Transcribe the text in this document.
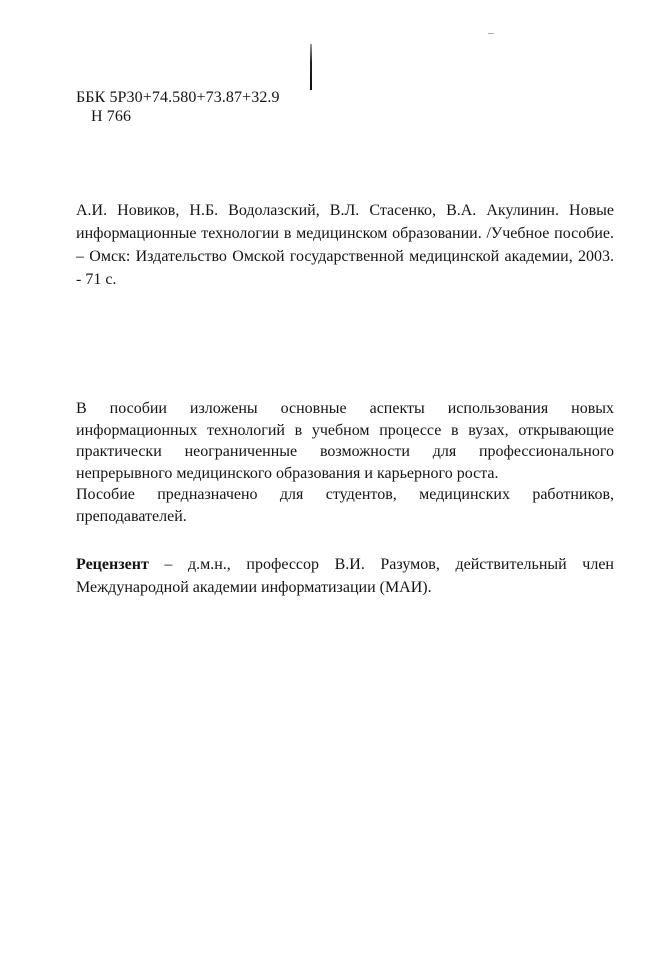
ББК 5Р30+74.580+73.87+32.9
Н 766
А.И. Новиков, Н.Б. Водолазский, В.Л. Стасенко, В.А. Акулинин. Новые информационные технологии в медицинском образовании. /Учебное пособие. – Омск: Издательство Омской государственной медицинской академии, 2003. - 71 с.

В пособии изложены основные аспекты использования новых информационных технологий в учебном процессе в вузах, открывающие практически неограниченные возможности для профессионального непрерывного медицинского образования и карьерного роста.

Пособие предназначено для студентов, медицинских работников, преподавателей.

Рецензент – д.м.н., профессор В.И. Разумов, действительный член Международной академии информатизации (МАИ).
